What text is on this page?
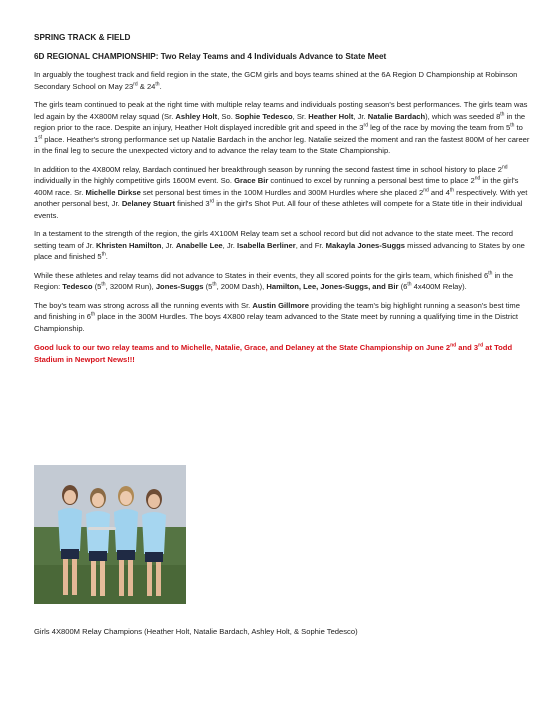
SPRING TRACK & FIELD
6D REGIONAL CHAMPIONSHIP: Two Relay Teams and 4 Individuals Advance to State Meet

In arguably the toughest track and field region in the state, the GCM girls and boys teams shined at the 6A Region D Championship at Robinson Secondary School on May 23rd & 24th.

The girls team continued to peak at the right time with multiple relay teams and individuals posting season's best performances. The girls team was led again by the 4X800M relay squad (Sr. Ashley Holt, So. Sophie Tedesco, Sr. Heather Holt, Jr. Natalie Bardach), which was seeded 8th in the region prior to the race. Despite an injury, Heather Holt displayed incredible grit and speed in the 3rd leg of the race by moving the team from 5th to 1st place. Heather's strong performance set up Natalie Bardach in the anchor leg. Natalie seized the moment and ran the fastest 800M of her career in the final leg to secure the unexpected victory and to advance the relay team to the State Championship.

In addition to the 4X800M relay, Bardach continued her breakthrough season by running the second fastest time in school history to place 2nd individually in the highly competitive girls 1600M event. So. Grace Bir continued to excel by running a personal best time to place 2nd in the girl's 400M race. Sr. Michelle Dirkse set personal best times in the 100M Hurdles and 300M Hurdles where she placed 2nd and 4th respectively. With yet another personal best, Jr. Delaney Stuart finished 3rd in the girl's Shot Put. All four of these athletes will compete for a State title in their individual events.

In a testament to the strength of the region, the girls 4X100M Relay team set a school record but did not advance to the state meet. The record setting team of Jr. Khristen Hamilton, Jr. Anabelle Lee, Jr. Isabella Berliner, and Fr. Makayla Jones-Suggs missed advancing to States by one place and finished 5th.

While these athletes and relay teams did not advance to States in their events, they all scored points for the girls team, which finished 6th in the Region: Tedesco (5th, 3200M Run), Jones-Suggs (5th, 200M Dash), Hamilton, Lee, Jones-Suggs, and Bir (6th 4x400M Relay).

The boy's team was strong across all the running events with Sr. Austin Gillmore providing the team's big highlight running a season's best time and finishing in 6th place in the 300M Hurdles. The boys 4X800 relay team advanced to the State meet by running a qualifying time in the District Championship.

Good luck to our two relay teams and to Michelle, Natalie, Grace, and Delaney at the State Championship on June 2nd and 3rd at Todd Stadium in Newport News!!!

Girls 4X800M Relay Champions (Heather Holt, Natalie Bardach, Ashley Holt, & Sophie Tedesco)
